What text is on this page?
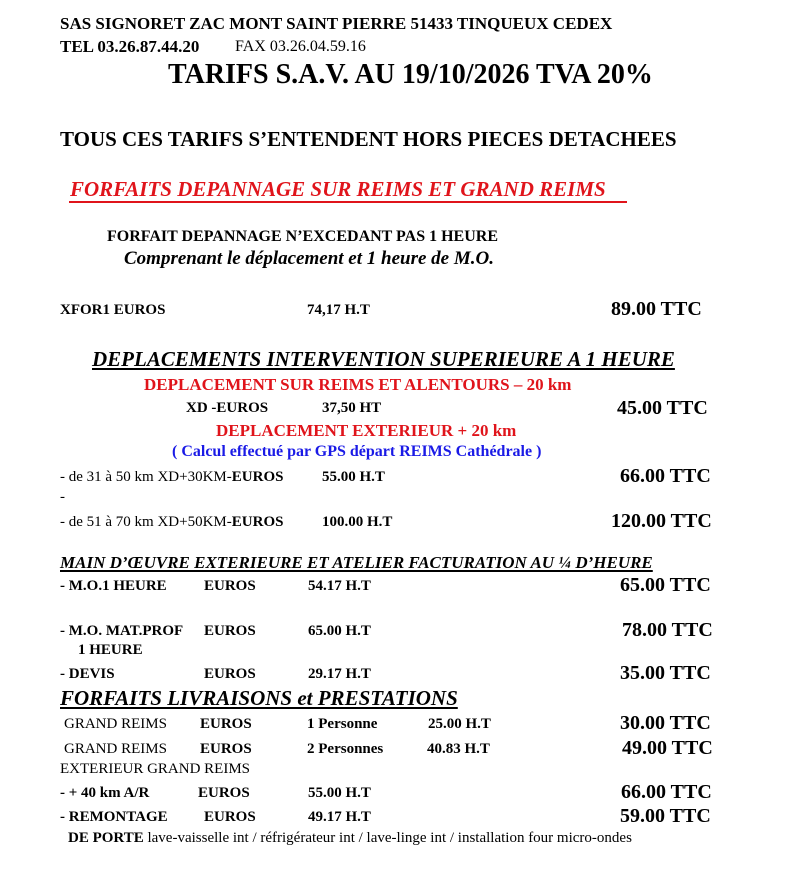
SAS SIGNORET ZAC MONT SAINT PIERRE 51433 TINQUEUX CEDEX
TEL 03.26.87.44.20 FAX 03.26.04.59.16
TARIFS S.A.V. AU 19/10/2026 TVA 20%
TOUS CES TARIFS S’ENTENDENT HORS PIECES DETACHEES
FORFAITS DEPANNAGE SUR REIMS ET GRAND REIMS
FORFAIT DEPANNAGE N’EXCEDANT PAS 1 HEURE
Comprenant le déplacement et 1 heure de M.O.
XFOR1 EUROS	74,17 H.T	89.00 TTC
DEPLACEMENTS INTERVENTION SUPERIEURE A 1 HEURE
DEPLACEMENT SUR REIMS ET ALENTOURS – 20 km
XD -EUROS	37,50 HT	45.00 TTC
DEPLACEMENT EXTERIEUR + 20 km
( Calcul effectué par GPS départ REIMS Cathédrale )
- de 31 à 50 km XD+30KM-EUROS	55.00 H.T	66.00 TTC
-
- de 51 à 70 km XD+50KM-EUROS	100.00 H.T	120.00 TTC
MAIN D’ŒUVRE EXTERIEURE ET ATELIER FACTURATION AU ¼ D’HEURE
- M.O.1 HEURE EUROS	54.17 H.T	65.00 TTC
- M.O. MAT.PROF EUROS	65.00 H.T	78.00 TTC
1 HEURE
- DEVIS	EUROS	29.17 H.T	35.00 TTC
FORFAITS LIVRAISONS et PRESTATIONS
GRAND REIMS EUROS	1 Personne	25.00 H.T	30.00 TTC
GRAND REIMS EUROS	2 Personnes	40.83 H.T	49.00 TTC
EXTERIEUR GRAND REIMS
- + 40 km A/R	EUROS	55.00 H.T	66.00 TTC
- REMONTAGE EUROS	49.17 H.T	59.00 TTC
DE PORTE lave-vaisselle int / réfrigérateur int / lave-linge int / installation four micro-ondes
